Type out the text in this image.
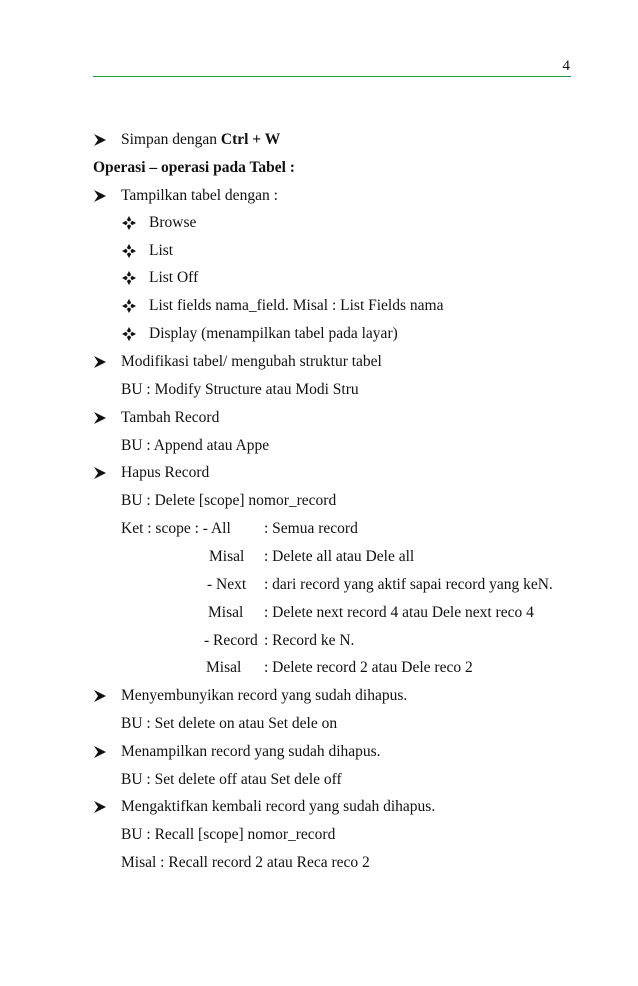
4
Simpan dengan Ctrl + W
Operasi – operasi pada Tabel :
Tampilkan tabel dengan :
Browse
List
List Off
List fields nama_field. Misal : List Fields nama
Display (menampilkan tabel pada layar)
Modifikasi tabel/ mengubah struktur tabel
BU : Modify Structure atau Modi Stru
Tambah Record
BU : Append atau Appe
Hapus Record
BU : Delete [scope] nomor_record
Ket : scope : - All : Semua record
Misal : Delete all atau Dele all
- Next : dari record yang aktif sapai record yang keN.
Misal : Delete next record 4 atau Dele next reco 4
- Record : Record ke N.
Misal : Delete record 2 atau Dele reco 2
Menyembunyikan record yang sudah dihapus.
BU : Set delete on atau Set dele on
Menampilkan record yang sudah dihapus.
BU : Set delete off atau Set dele off
Mengaktifkan kembali record yang sudah dihapus.
BU : Recall [scope] nomor_record
Misal : Recall record 2 atau Reca reco 2
